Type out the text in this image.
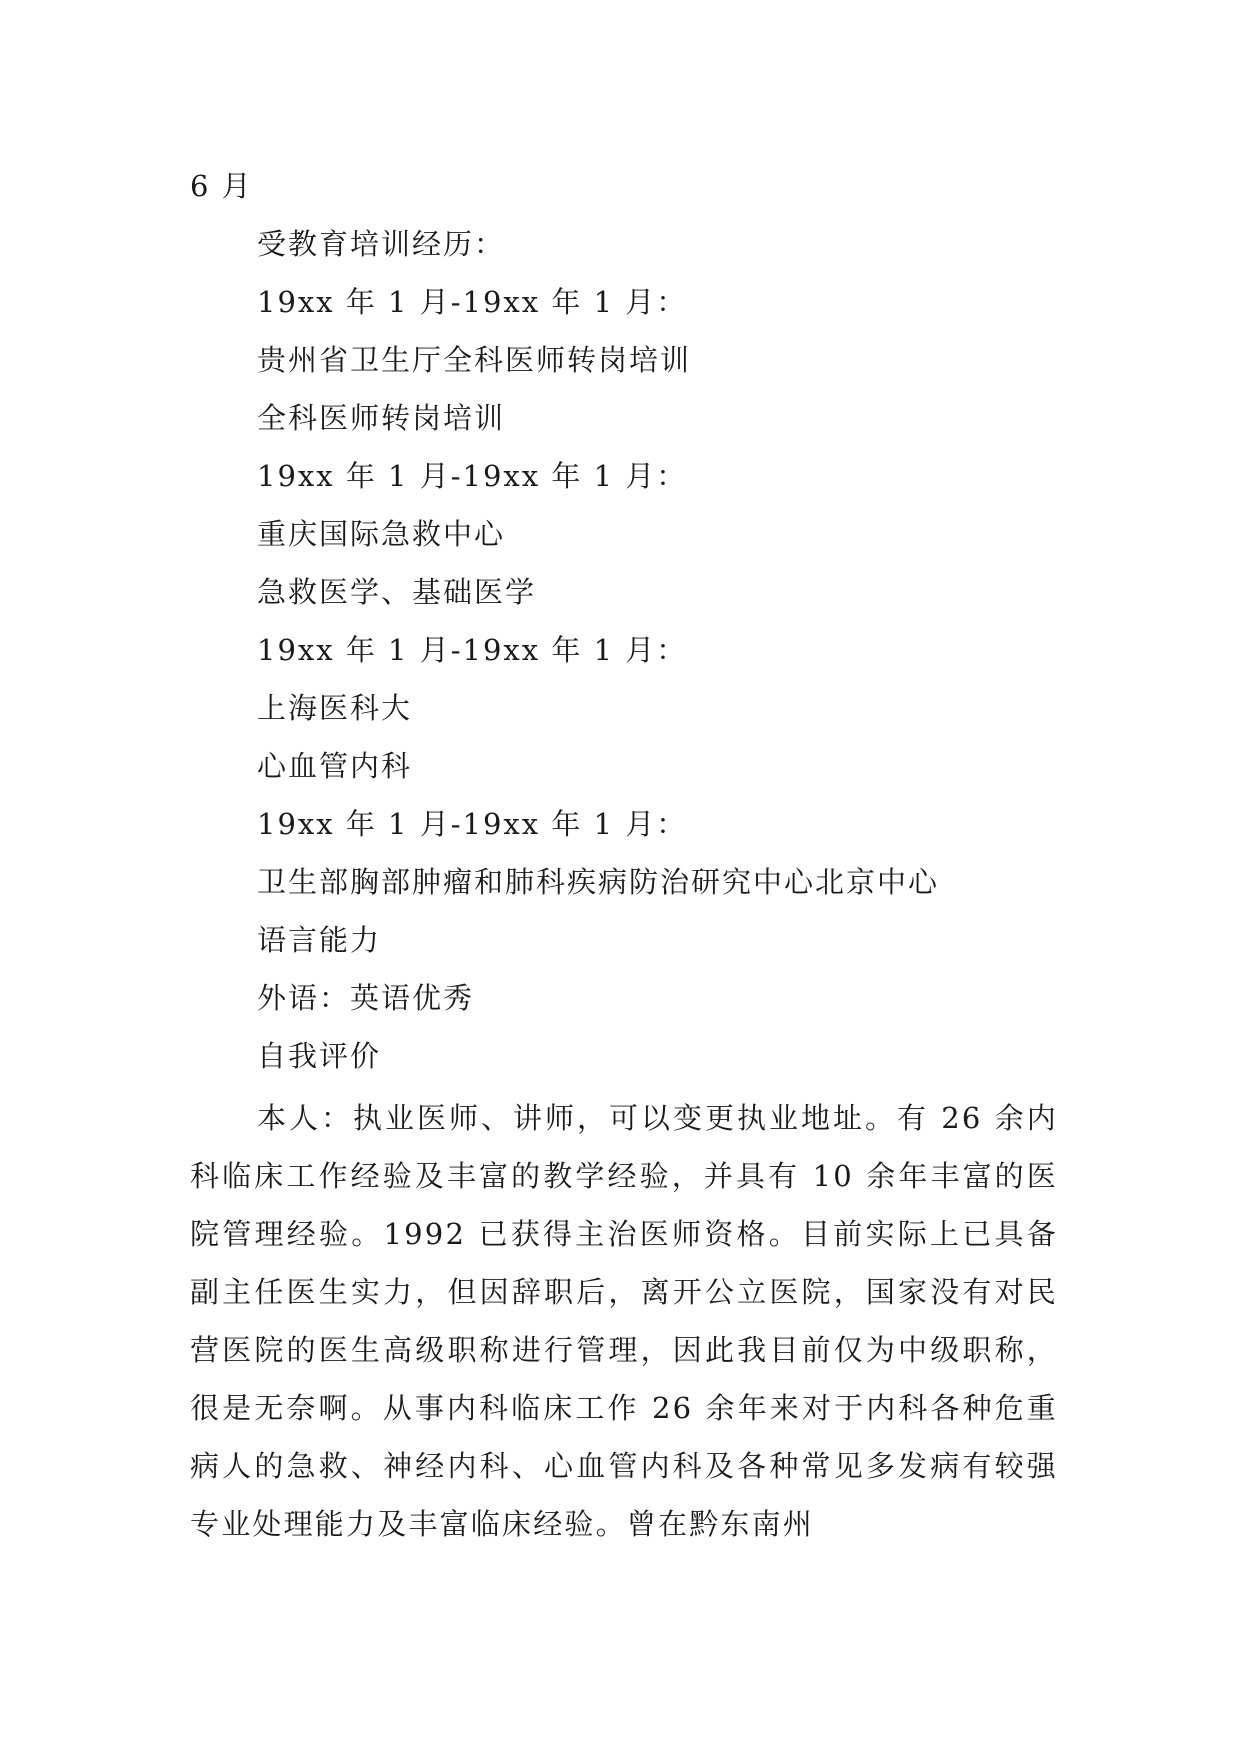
6 月
受教育培训经历：
19xx 年 1 月-19xx 年 1 月：
贵州省卫生厅全科医师转岗培训
全科医师转岗培训
19xx 年 1 月-19xx 年 1 月：
重庆国际急救中心
急救医学、基础医学
19xx 年 1 月-19xx 年 1 月：
上海医科大
心血管内科
19xx 年 1 月-19xx 年 1 月：
卫生部胸部肿瘤和肺科疾病防治研究中心北京中心
语言能力
外语：英语优秀
自我评价
本人：执业医师、讲师，可以变更执业地址。有 26 余内科临床工作经验及丰富的教学经验，并具有 10 余年丰富的医院管理经验。1992 已获得主治医师资格。目前实际上已具备副主任医生实力，但因辞职后，离开公立医院，国家没有对民营医院的医生高级职称进行管理，因此我目前仅为中级职称，很是无奈啊。从事内科临床工作 26 余年来对于内科各种危重病人的急救、神经内科、心血管内科及各种常见多发病有较强专业处理能力及丰富临床经验。曾在黔东南州
